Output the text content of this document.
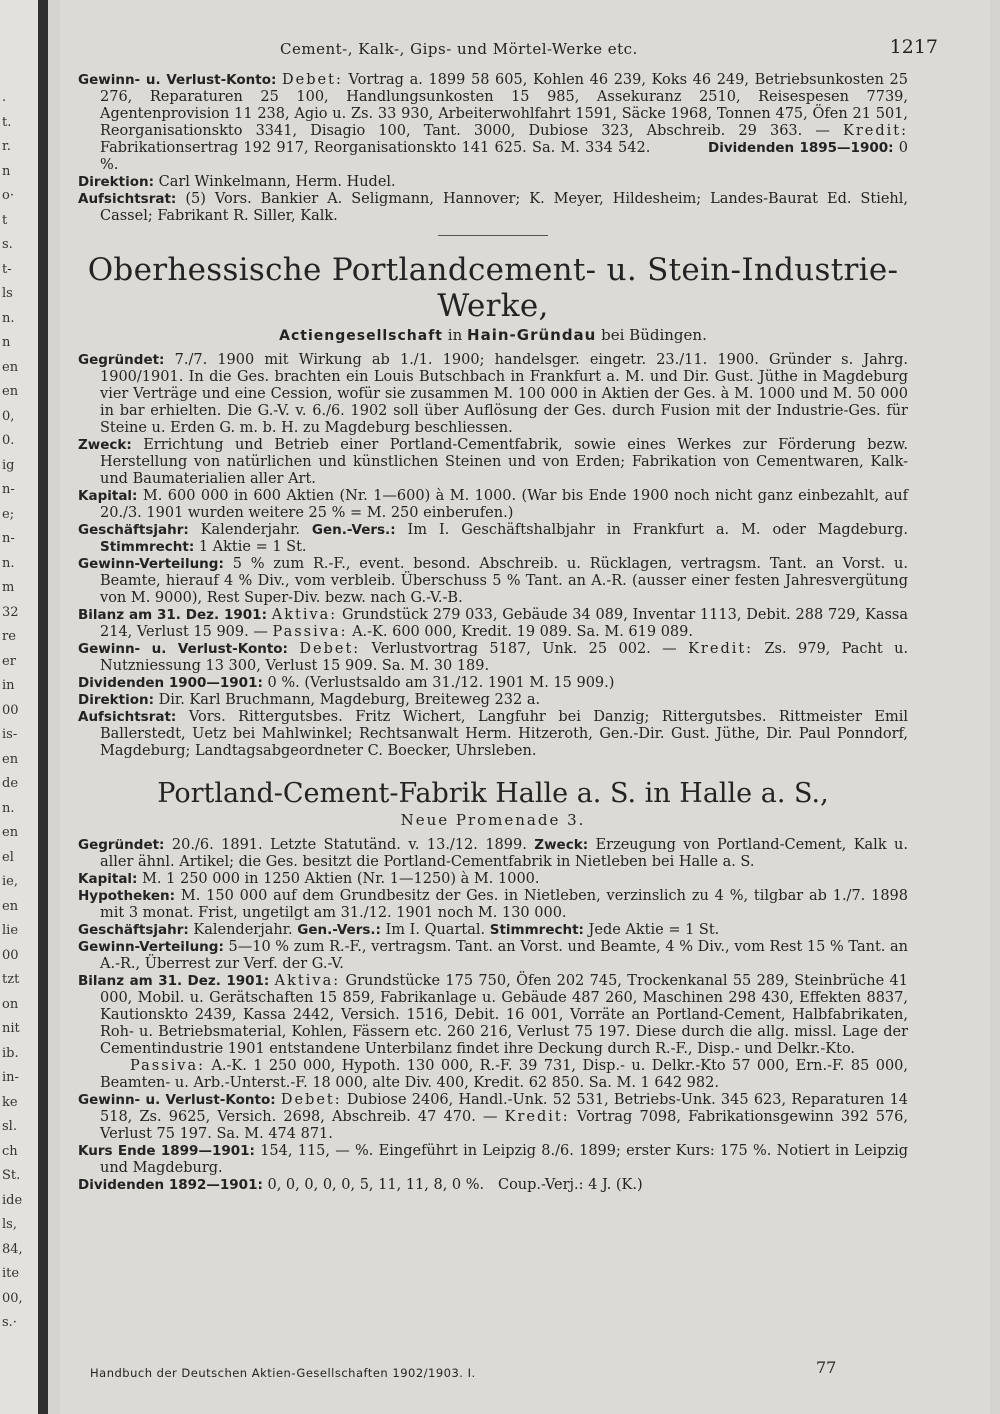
.
t.
r.
n
o·
t
s.
t-
ls
n.
n
en
en
0,
0.
ig
n-
e;
n-
n.
m
32
re
er
in
00
is-
en
de
n.
en
el
ie,
en
lie
00
tzt
on
nit
ib.
in-
ke
sl.
ch
St.
ide
ls,
84,
ite
00,
s.·
Cement-, Kalk-, Gips- und Mörtel-Werke etc.	1217

Gewinn- u. Verlust-Konto: Debet: Vortrag a. 1899 58 605, Kohlen 46 239, Koks 46 249, Betriebsunkosten 25 276, Reparaturen 25 100, Handlungsunkosten 15 985, Assekuranz 2510, Reisespesen 7739, Agentenprovision 11 238, Agio u. Zs. 33 930, Arbeiterwohlfahrt 1591, Säcke 1968, Tonnen 475, Öfen 21 501, Reorganisationskto 3341, Disagio 100, Tant. 3000, Dubiose 323, Abschreib. 29 363. — Kredit: Fabrikationsertrag 192 917, Reorganisationskto 141 625. Sa. M. 334 542.	Dividenden 1895—1900: 0 %.

Direktion: Carl Winkelmann, Herm. Hudel.

Aufsichtsrat: (5) Vors. Bankier A. Seligmann, Hannover; K. Meyer, Hildesheim; Landes-Baurat Ed. Stiehl, Cassel; Fabrikant R. Siller, Kalk.

Oberhessische Portlandcement- u. Stein-Industrie-Werke,
Actiengesellschaft in Hain-Gründau bei Büdingen.

Gegründet: 7./7. 1900 mit Wirkung ab 1./1. 1900; handelsger. eingetr. 23./11. 1900. Gründer s. Jahrg. 1900/1901. In die Ges. brachten ein Louis Butschbach in Frankfurt a. M. und Dir. Gust. Jüthe in Magdeburg vier Verträge und eine Cession, wofür sie zusammen M. 100 000 in Aktien der Ges. à M. 1000 und M. 50 000 in bar erhielten. Die G.-V. v. 6./6. 1902 soll über Auflösung der Ges. durch Fusion mit der Industrie-Ges. für Steine u. Erden G. m. b. H. zu Magdeburg beschliessen.

Zweck: Errichtung und Betrieb einer Portland-Cementfabrik, sowie eines Werkes zur Förderung bezw. Herstellung von natürlichen und künstlichen Steinen und von Erden; Fabrikation von Cementwaren, Kalk- und Baumaterialien aller Art.

Kapital: M. 600 000 in 600 Aktien (Nr. 1—600) à M. 1000. (War bis Ende 1900 noch nicht ganz einbezahlt, auf 20./3. 1901 wurden weitere 25 % = M. 250 einberufen.)

Geschäftsjahr: Kalenderjahr. Gen.-Vers.: Im I. Geschäftshalbjahr in Frankfurt a. M. oder Magdeburg. Stimmrecht: 1 Aktie = 1 St.

Gewinn-Verteilung: 5 % zum R.-F., event. besond. Abschreib. u. Rücklagen, vertragsm. Tant. an Vorst. u. Beamte, hierauf 4 % Div., vom verbleib. Überschuss 5 % Tant. an A.-R. (ausser einer festen Jahresvergütung von M. 9000), Rest Super-Div. bezw. nach G.-V.-B.

Bilanz am 31. Dez. 1901: Aktiva: Grundstück 279 033, Gebäude 34 089, Inventar 1113, Debit. 288 729, Kassa 214, Verlust 15 909. — Passiva: A.-K. 600 000, Kredit. 19 089. Sa. M. 619 089.

Gewinn- u. Verlust-Konto: Debet: Verlustvortrag 5187, Unk. 25 002. — Kredit: Zs. 979, Pacht u. Nutzniessung 13 300, Verlust 15 909. Sa. M. 30 189.

Dividenden 1900—1901: 0 %. (Verlustsaldo am 31./12. 1901 M. 15 909.)

Direktion: Dir. Karl Bruchmann, Magdeburg, Breiteweg 232 a.

Aufsichtsrat: Vors. Rittergutsbes. Fritz Wichert, Langfuhr bei Danzig; Rittergutsbes. Rittmeister Emil Ballerstedt, Uetz bei Mahlwinkel; Rechtsanwalt Herm. Hitzeroth, Gen.-Dir. Gust. Jüthe, Dir. Paul Ponndorf, Magdeburg; Landtagsabgeordneter C. Boecker, Uhrsleben.

Portland-Cement-Fabrik Halle a. S. in Halle a. S.,
Neue Promenade 3.

Gegründet: 20./6. 1891. Letzte Statutänd. v. 13./12. 1899. Zweck: Erzeugung von Portland-Cement, Kalk u. aller ähnl. Artikel; die Ges. besitzt die Portland-Cementfabrik in Nietleben bei Halle a. S.

Kapital: M. 1 250 000 in 1250 Aktien (Nr. 1—1250) à M. 1000.

Hypotheken: M. 150 000 auf dem Grundbesitz der Ges. in Nietleben, verzinslich zu 4 %, tilgbar ab 1./7. 1898 mit 3 monat. Frist, ungetilgt am 31./12. 1901 noch M. 130 000.

Geschäftsjahr: Kalenderjahr. Gen.-Vers.: Im I. Quartal. Stimmrecht: Jede Aktie = 1 St.

Gewinn-Verteilung: 5—10 % zum R.-F., vertragsm. Tant. an Vorst. und Beamte, 4 % Div., vom Rest 15 % Tant. an A.-R., Überrest zur Verf. der G.-V.

Bilanz am 31. Dez. 1901: Aktiva: Grundstücke 175 750, Öfen 202 745, Trockenkanal 55 289, Steinbrüche 41 000, Mobil. u. Gerätschaften 15 859, Fabrikanlage u. Gebäude 487 260, Maschinen 298 430, Effekten 8837, Kautionskto 2439, Kassa 2442, Versich. 1516, Debit. 16 001, Vorräte an Portland-Cement, Halbfabrikaten, Roh- u. Betriebsmaterial, Kohlen, Fässern etc. 260 216, Verlust 75 197. Diese durch die allg. missl. Lage der Cementindustrie 1901 entstandene Unterbilanz findet ihre Deckung durch R.-F., Disp.- und Delkr.-Kto.

Passiva: A.-K. 1 250 000, Hypoth. 130 000, R.-F. 39 731, Disp.- u. Delkr.-Kto 57 000, Ern.-F. 85 000, Beamten- u. Arb.-Unterst.-F. 18 000, alte Div. 400, Kredit. 62 850. Sa. M. 1 642 982.

Gewinn- u. Verlust-Konto: Debet: Dubiose 2406, Handl.-Unk. 52 531, Betriebs-Unk. 345 623, Reparaturen 14 518, Zs. 9625, Versich. 2698, Abschreib. 47 470. — Kredit: Vortrag 7098, Fabrikationsgewinn 392 576, Verlust 75 197. Sa. M. 474 871.

Kurs Ende 1899—1901: 154, 115, — %. Eingeführt in Leipzig 8./6. 1899; erster Kurs: 175 %. Notiert in Leipzig und Magdeburg.

Dividenden 1892—1901: 0, 0, 0, 0, 0, 5, 11, 11, 8, 0 %. Coup.-Verj.: 4 J. (K.)

Handbuch der Deutschen Aktien-Gesellschaften 1902/1903. I.	77
